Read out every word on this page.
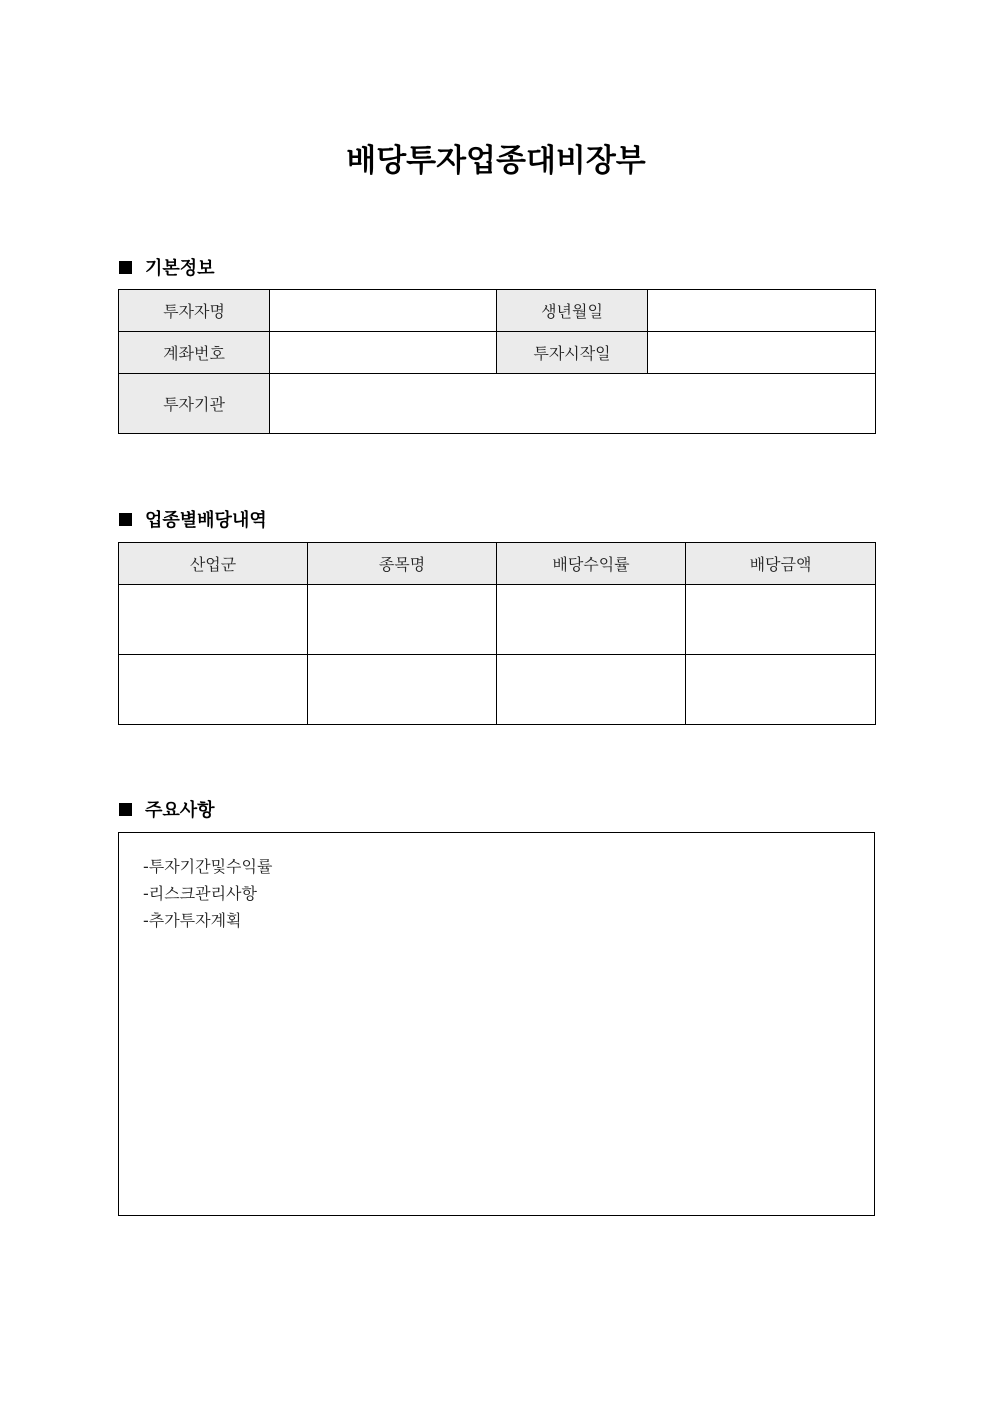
배당투자업종대비장부
기본정보
투자자명		생년월일	
계좌번호		투자시작일	
투자기관			
업종별배당내역
산업군	종목명	배당수익률	배당금액

주요사항
-투자기간및수익률
-리스크관리사항
-추가투자계획
